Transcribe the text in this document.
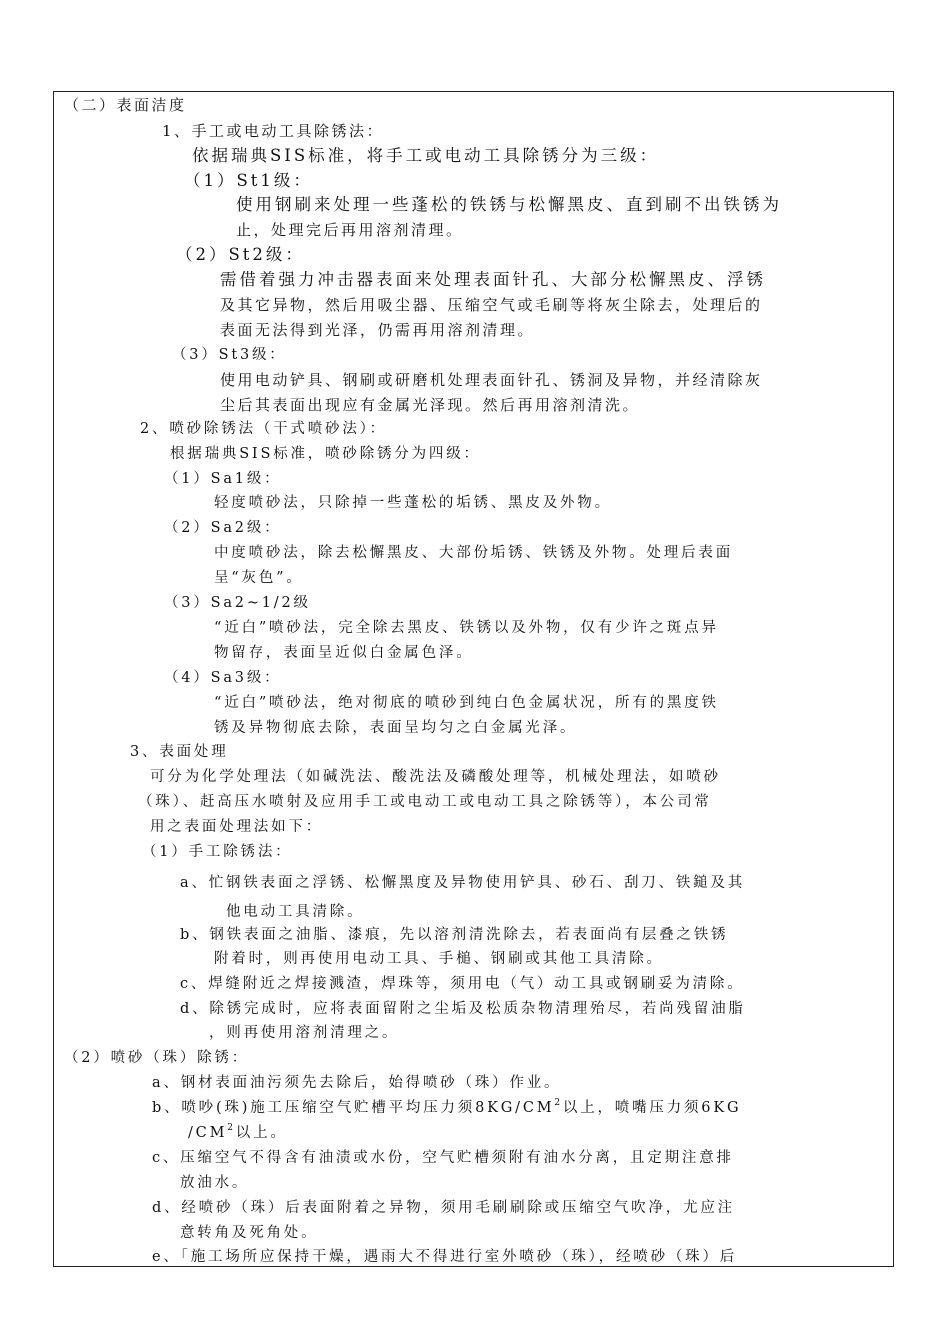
（二）表面洁度
1、手工或电动工具除锈法：
依据瑞典SIS标准，将手工或电动工具除锈分为三级：
（1）St1级：
使用钢刷来处理一些蓬松的铁锈与松懈黑皮、直到刷不出铁锈为
止，处理完后再用溶剂清理。
（2）St2级：
需借着强力冲击器表面来处理表面针孔、大部分松懈黑皮、浮锈
及其它异物，然后用吸尘器、压缩空气或毛刷等将灰尘除去，处理后的
表面无法得到光泽，仍需再用溶剂清理。
（3）St3级：
使用电动铲具、钢刷或研磨机处理表面针孔、锈洞及异物，并经清除灰
尘后其表面出现应有金属光泽现。然后再用溶剂清洗。
2、喷砂除锈法（干式喷砂法）：
根据瑞典SIS标准，喷砂除锈分为四级：
（1）Sa1级：
轻度喷砂法，只除掉一些蓬松的垢锈、黑皮及外物。
（2）Sa2级：
中度喷砂法，除去松懈黑皮、大部份垢锈、铁锈及外物。处理后表面
呈“灰色”。
（3）Sa2~1/2级
“近白”喷砂法，完全除去黑皮、铁锈以及外物，仅有少许之斑点异
物留存，表面呈近似白金属色泽。
（4）Sa3级：
“近白”喷砂法，绝对彻底的喷砂到纯白色金属状况，所有的黑度铁
锈及异物彻底去除，表面呈均匀之白金属光泽。
3、表面处理
可分为化学处理法（如碱洗法、酸洗法及磷酸处理等，机械处理法，如喷砂
（珠）、赶高压水喷射及应用手工或电动工或电动工具之除锈等），本公司常
用之表面处理法如下：
（1）手工除锈法：
a、忙钢铁表面之浮锈、松懈黑度及异物使用铲具、砂石、刮刀、铁鎚及其
他电动工具清除。
b、钢铁表面之油脂、漆痕，先以溶剂清洗除去，若表面尚有层叠之铁锈
附着时，则再使用电动工具、手槌、钢刷或其他工具清除。
c、焊缝附近之焊接溅渣，焊珠等，须用电（气）动工具或钢刷妥为清除。
d、除锈完成时，应将表面留附之尘垢及松质杂物清理殆尽，若尚残留油脂
，则再使用溶剂清理之。
（2）喷砂（珠）除锈：
a、钢材表面油污须先去除后，始得喷砂（珠）作业。
b、喷吵(珠)施工压缩空气贮槽平均压力须$8KG/CM^2$以上，喷嘴压力须6KG
$/CM^2$以上。
c、压缩空气不得含有油渍或水份，空气贮槽须附有油水分离，且定期注意排
放油水。
d、经喷砂（珠）后表面附着之异物，须用毛刷刷除或压缩空气吹净，尤应注
意转角及死角处。
e、「施工场所应保持干燥，遇雨大不得进行室外喷砂（珠），经喷砂（珠）后
